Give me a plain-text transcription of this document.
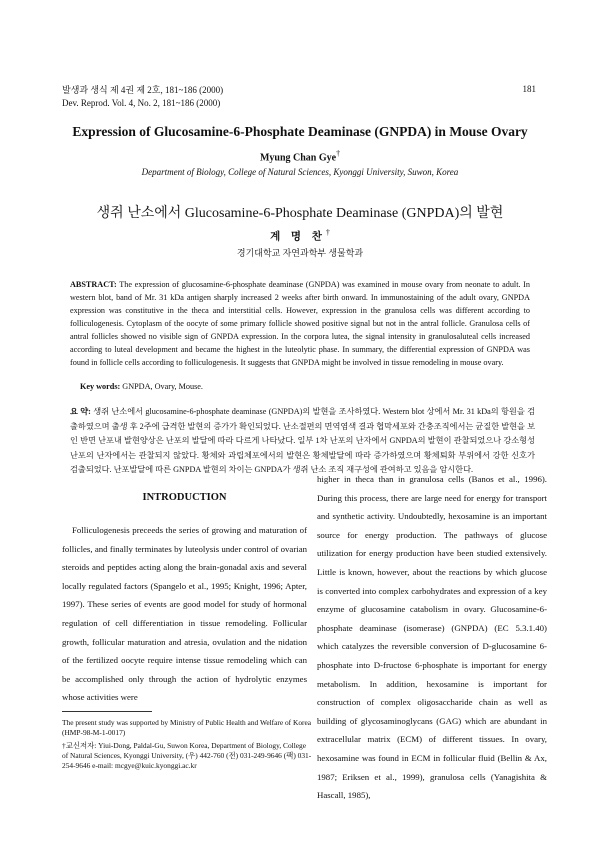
발생과 생식 제 4권 제 2호, 181~186 (2000)
Dev. Reprod. Vol. 4, No. 2, 181~186 (2000)
181
Expression of Glucosamine-6-Phosphate Deaminase (GNPDA) in Mouse Ovary
Myung Chan Gye†
Department of Biology, College of Natural Sciences, Kyonggi University, Suwon, Korea
생쥐 난소에서 Glucosamine-6-Phosphate Deaminase (GNPDA)의 발현
계 명 찬†
경기대학교 자연과학부 생물학과
ABSTRACT: The expression of glucosamine-6-phosphate deaminase (GNPDA) was examined in mouse ovary from neonate to adult. In western blot, band of Mr. 31 kDa antigen sharply increased 2 weeks after birth onward. In immunostaining of the adult ovary, GNPDA expression was constitutive in the theca and interstitial cells. However, expression in the granulosa cells was different according to folliculogenesis. Cytoplasm of the oocyte of some primary follicle showed positive signal but not in the antral follicle. Granulosa cells of antral follicles showed no visible sign of GNPDA expression. In the corpora lutea, the signal intensity in granulosaluteal cells increased according to luteal development and became the highest in the luteolytic phase. In summary, the differential expression of GNPDA was found in follicle cells according to folliculogenesis. It suggests that GNPDA might be involved in tissue remodeling in mouse ovary.
Key words: GNPDA, Ovary, Mouse.
요 약: 생쥐 난소에서 glucosamine-6-phosphate deaminase (GNPDA)의 발현을 조사하였다. Western blot 상에서 Mr. 31 kDa의 항원을 검출하였으며 출생 후 2주에 급격한 발현의 증가가 확인되었다. 난소절편의 면역염색 결과 협막세포와 간충조직에서는 균질한 발현을 보인 반면 난포내 발현양상은 난포의 발달에 따라 다르게 나타났다. 일부 1차 난포의 난자에서 GNPDA의 발현이 관찰되었으나 강소형성 난포의 난자에서는 관찰되지 않았다. 황체와 과립체포에서의 발현은 황체발달에 따라 증가하였으며 황체퇴화 부위에서 강한 신호가 검출되었다. 난포발달에 따른 GNPDA 발현의 차이는 GNPDA가 생쥐 난소 조직 재구성에 관여하고 있음을 암시한다.
INTRODUCTION
Folliculogenesis preceeds the series of growing and maturation of follicles, and finally terminates by luteolysis under control of ovarian steroids and peptides acting along the brain-gonadal axis and several locally regulated factors (Spangelo et al., 1995; Knight, 1996; Apter, 1997). These series of events are good model for study of hormonal regulation of cell differentiation in tissue remodeling. Follicular growth, follicular maturation and atresia, ovulation and the nidation of the fertilized oocyte require intense tissue remodeling which can be accomplished only through the action of hydrolytic enzymes whose activities were
higher in theca than in granulosa cells (Banos et al., 1996). During this process, there are large need for energy for transport and synthetic activity. Undoubtedly, hexosamine is an important source for energy production. The pathways of glucose utilization for energy production have been studied extensively. Little is known, however, about the reactions by which glucose is converted into complex carbohydrates and expression of a key enzyme of glucosamine catabolism in ovary. Glucosamine-6-phosphate deaminase (isomerase) (GNPDA) (EC 5.3.1.40) which catalyzes the reversible conversion of D-glucosamine 6-phosphate into D-fructose 6-phosphate is important for energy metabolism. In addition, hexosamine is important for construction of complex oligosaccharide chain as well as building of glycosaminoglycans (GAG) which are abundant in extracellular matrix (ECM) of different tissues. In ovary, hexosamine was found in ECM in follicular fluid (Bellin & Ax, 1987; Eriksen et al., 1999), granulosa cells (Yanagishita & Hascall, 1985),
The present study was supported by Ministry of Public Health and Welfare of Korea (HMP-98-M-1-0017)
†교신저자: Yiui-Dong, Paldal-Gu, Suwon Korea, Department of Biology, College of Natural Sciences, Kyonggi University, (우) 442-760 (전) 031-249-9646 (팩) 031-254-9646 e-mail: mcgye@kuic.kyonggi.ac.kr
